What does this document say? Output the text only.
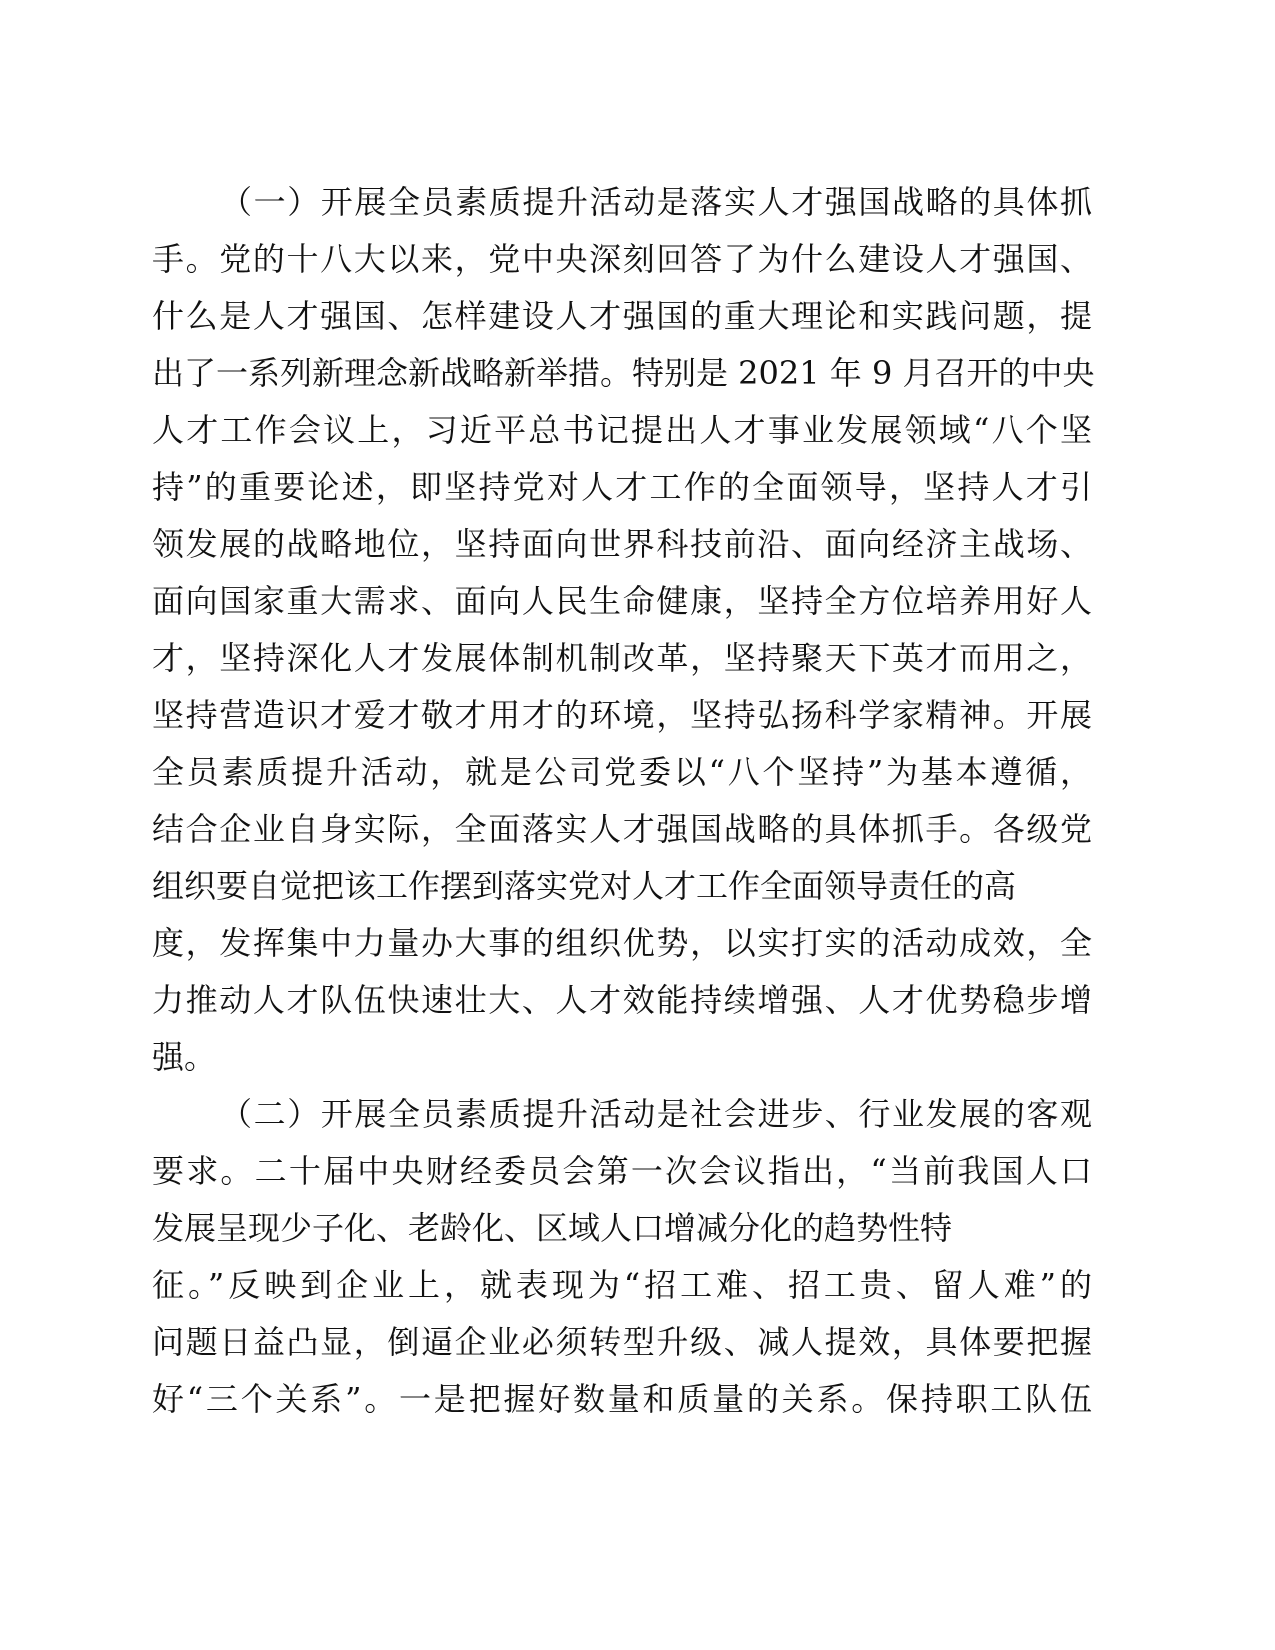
（一）开展全员素质提升活动是落实人才强国战略的具体抓
手。党的十八大以来，党中央深刻回答了为什么建设人才强国、
什么是人才强国、怎样建设人才强国的重大理论和实践问题，提
出了一系列新理念新战略新举措。特别是 2021 年 9 月召开的中央
人才工作会议上，习近平总书记提出人才事业发展领域“八个坚
持”的重要论述，即坚持党对人才工作的全面领导，坚持人才引
领发展的战略地位，坚持面向世界科技前沿、面向经济主战场、
面向国家重大需求、面向人民生命健康，坚持全方位培养用好人
才，坚持深化人才发展体制机制改革，坚持聚天下英才而用之，
坚持营造识才爱才敬才用才的环境，坚持弘扬科学家精神。开展
全员素质提升活动，就是公司党委以“八个坚持”为基本遵循，
结合企业自身实际，全面落实人才强国战略的具体抓手。各级党
组织要自觉把该工作摆到落实党对人才工作全面领导责任的高
度，发挥集中力量办大事的组织优势，以实打实的活动成效，全
力推动人才队伍快速壮大、人才效能持续增强、人才优势稳步增
强。
（二）开展全员素质提升活动是社会进步、行业发展的客观
要求。二十届中央财经委员会第一次会议指出，“当前我国人口
发展呈现少子化、老龄化、区域人口增减分化的趋势性特
征。”反映到企业上，就表现为“招工难、招工贵、留人难”的
问题日益凸显，倒逼企业必须转型升级、减人提效，具体要把握
好“三个关系”。一是把握好数量和质量的关系。保持职工队伍
